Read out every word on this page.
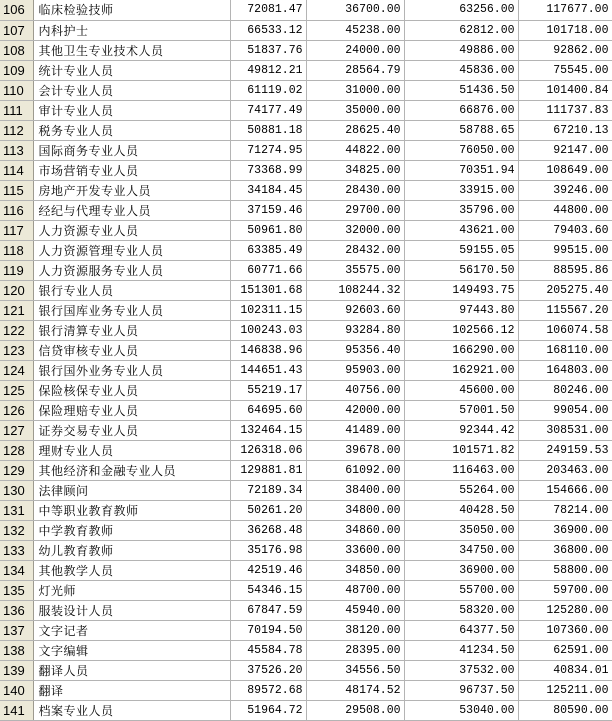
106	临床检验技师	72081.47	36700.00	63256.00	117677.00
107	内科护士	66533.12	45238.00	62812.00	101718.00
108	其他卫生专业技术人员	51837.76	24000.00	49886.00	92862.00
109	统计专业人员	49812.21	28564.79	45836.00	75545.00
110	会计专业人员	61119.02	31000.00	51436.50	101400.84
111	审计专业人员	74177.49	35000.00	66876.00	111737.83
112	税务专业人员	50881.18	28625.40	58788.65	67210.13
113	国际商务专业人员	71274.95	44822.00	76050.00	92147.00
114	市场营销专业人员	73368.99	34825.00	70351.94	108649.00
115	房地产开发专业人员	34184.45	28430.00	33915.00	39246.00
116	经纪与代理专业人员	37159.46	29700.00	35796.00	44800.00
117	人力资源专业人员	50961.80	32000.00	43621.00	79403.60
118	人力资源管理专业人员	63385.49	28432.00	59155.05	99515.00
119	人力资源服务专业人员	60771.66	35575.00	56170.50	88595.86
120	银行专业人员	151301.68	108244.32	149493.75	205275.40
121	银行国库业务专业人员	102311.15	92603.60	97443.80	115567.20
122	银行清算专业人员	100243.03	93284.80	102566.12	106074.58
123	信贷审核专业人员	146838.96	95356.40	166290.00	168110.00
124	银行国外业务专业人员	144651.43	95903.00	162921.00	164803.00
125	保险核保专业人员	55219.17	40756.00	45600.00	80246.00
126	保险理赔专业人员	64695.60	42000.00	57001.50	99054.00
127	证券交易专业人员	132464.15	41489.00	92344.42	308531.00
128	理财专业人员	126318.06	39678.00	101571.82	249159.53
129	其他经济和金融专业人员	129881.81	61092.00	116463.00	203463.00
130	法律顾问	72189.34	38400.00	55264.00	154666.00
131	中等职业教育教师	50261.20	34800.00	40428.50	78214.00
132	中学教育教师	36268.48	34860.00	35050.00	36900.00
133	幼儿教育教师	35176.98	33600.00	34750.00	36800.00
134	其他教学人员	42519.46	34850.00	36900.00	58800.00
135	灯光师	54346.15	48700.00	55700.00	59700.00
136	服装设计人员	67847.59	45940.00	58320.00	125280.00
137	文字记者	70194.50	38120.00	64377.50	107360.00
138	文字编辑	45584.78	28395.00	41234.50	62591.00
139	翻译人员	37526.20	34556.50	37532.00	40834.01
140	翻译	89572.68	48174.52	96737.50	125211.00
141	档案专业人员	51964.72	29508.00	53040.00	80590.00
